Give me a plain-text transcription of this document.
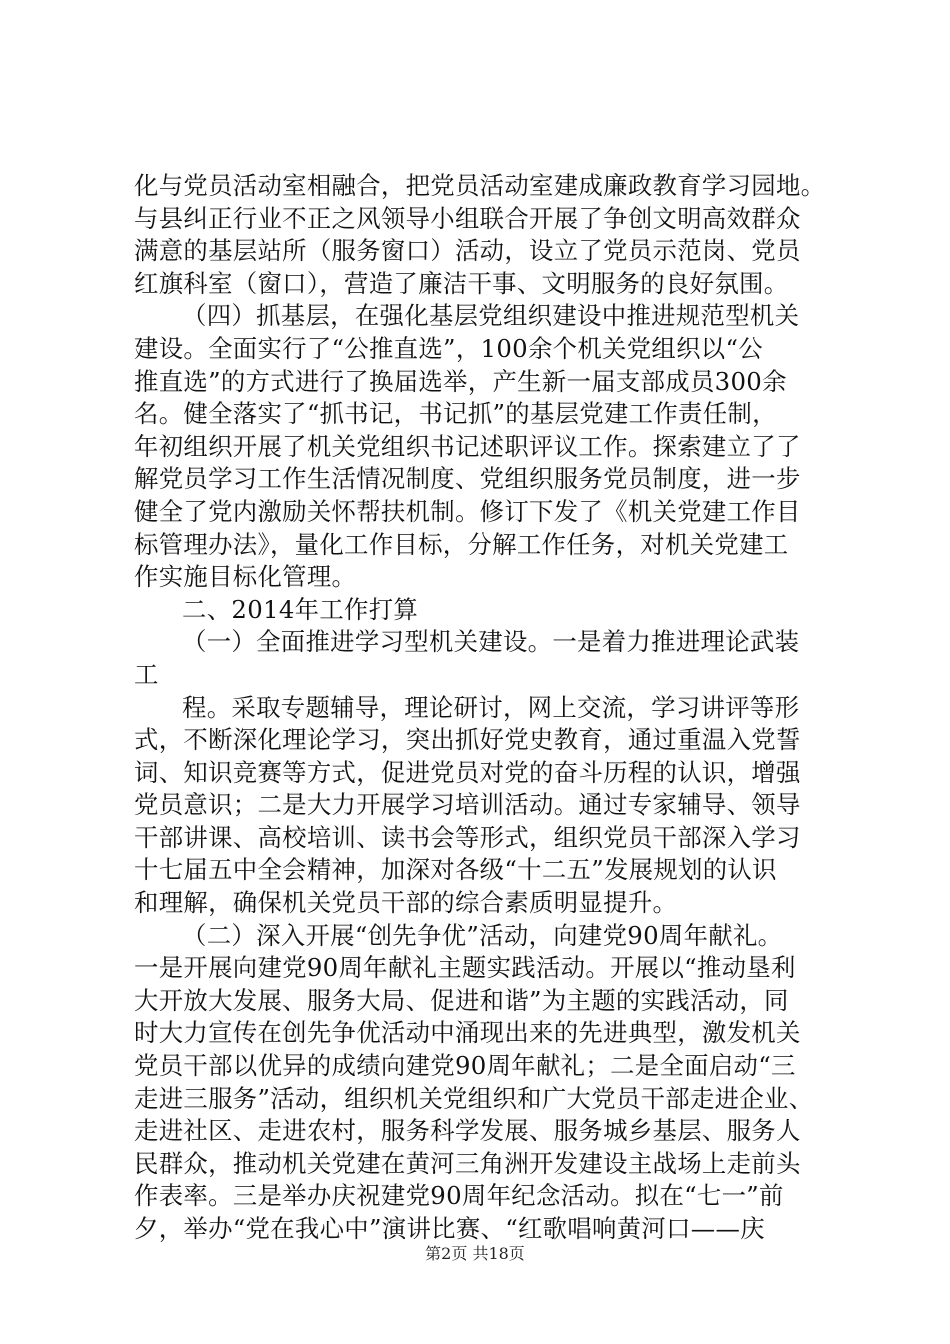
化与党员活动室相融合，把党员活动室建成廉政教育学习园地。
与县纠正行业不正之风领导小组联合开展了争创文明高效群众
满意的基层站所（服务窗口）活动，设立了党员示范岗、党员
红旗科室（窗口），营造了廉洁干事、文明服务的良好氛围。
（四）抓基层，在强化基层党组织建设中推进规范型机关
建设。全面实行了“公推直选”，100余个机关党组织以“公
推直选”的方式进行了换届选举，产生新一届支部成员300余
名。健全落实了“抓书记，书记抓”的基层党建工作责任制，
年初组织开展了机关党组织书记述职评议工作。探索建立了了
解党员学习工作生活情况制度、党组织服务党员制度，进一步
健全了党内激励关怀帮扶机制。修订下发了《机关党建工作目
标管理办法》，量化工作目标，分解工作任务，对机关党建工
作实施目标化管理。
二、2014年工作打算
（一）全面推进学习型机关建设。一是着力推进理论武装
工
程。采取专题辅导，理论研讨，网上交流，学习讲评等形
式，不断深化理论学习，突出抓好党史教育，通过重温入党誓
词、知识竞赛等方式，促进党员对党的奋斗历程的认识，增强
党员意识；二是大力开展学习培训活动。通过专家辅导、领导
干部讲课、高校培训、读书会等形式，组织党员干部深入学习
十七届五中全会精神，加深对各级“十二五”发展规划的认识
和理解，确保机关党员干部的综合素质明显提升。
（二）深入开展“创先争优”活动，向建党90周年献礼。
一是开展向建党90周年献礼主题实践活动。开展以“推动垦利
大开放大发展、服务大局、促进和谐”为主题的实践活动，同
时大力宣传在创先争优活动中涌现出来的先进典型，激发机关
党员干部以优异的成绩向建党90周年献礼；二是全面启动“三
走进三服务”活动，组织机关党组织和广大党员干部走进企业、
走进社区、走进农村，服务科学发展、服务城乡基层、服务人
民群众，推动机关党建在黄河三角洲开发建设主战场上走前头
作表率。三是举办庆祝建党90周年纪念活动。拟在“七一”前
夕，举办“党在我心中”演讲比赛、“红歌唱响黄河口——庆
第2页 共18页
